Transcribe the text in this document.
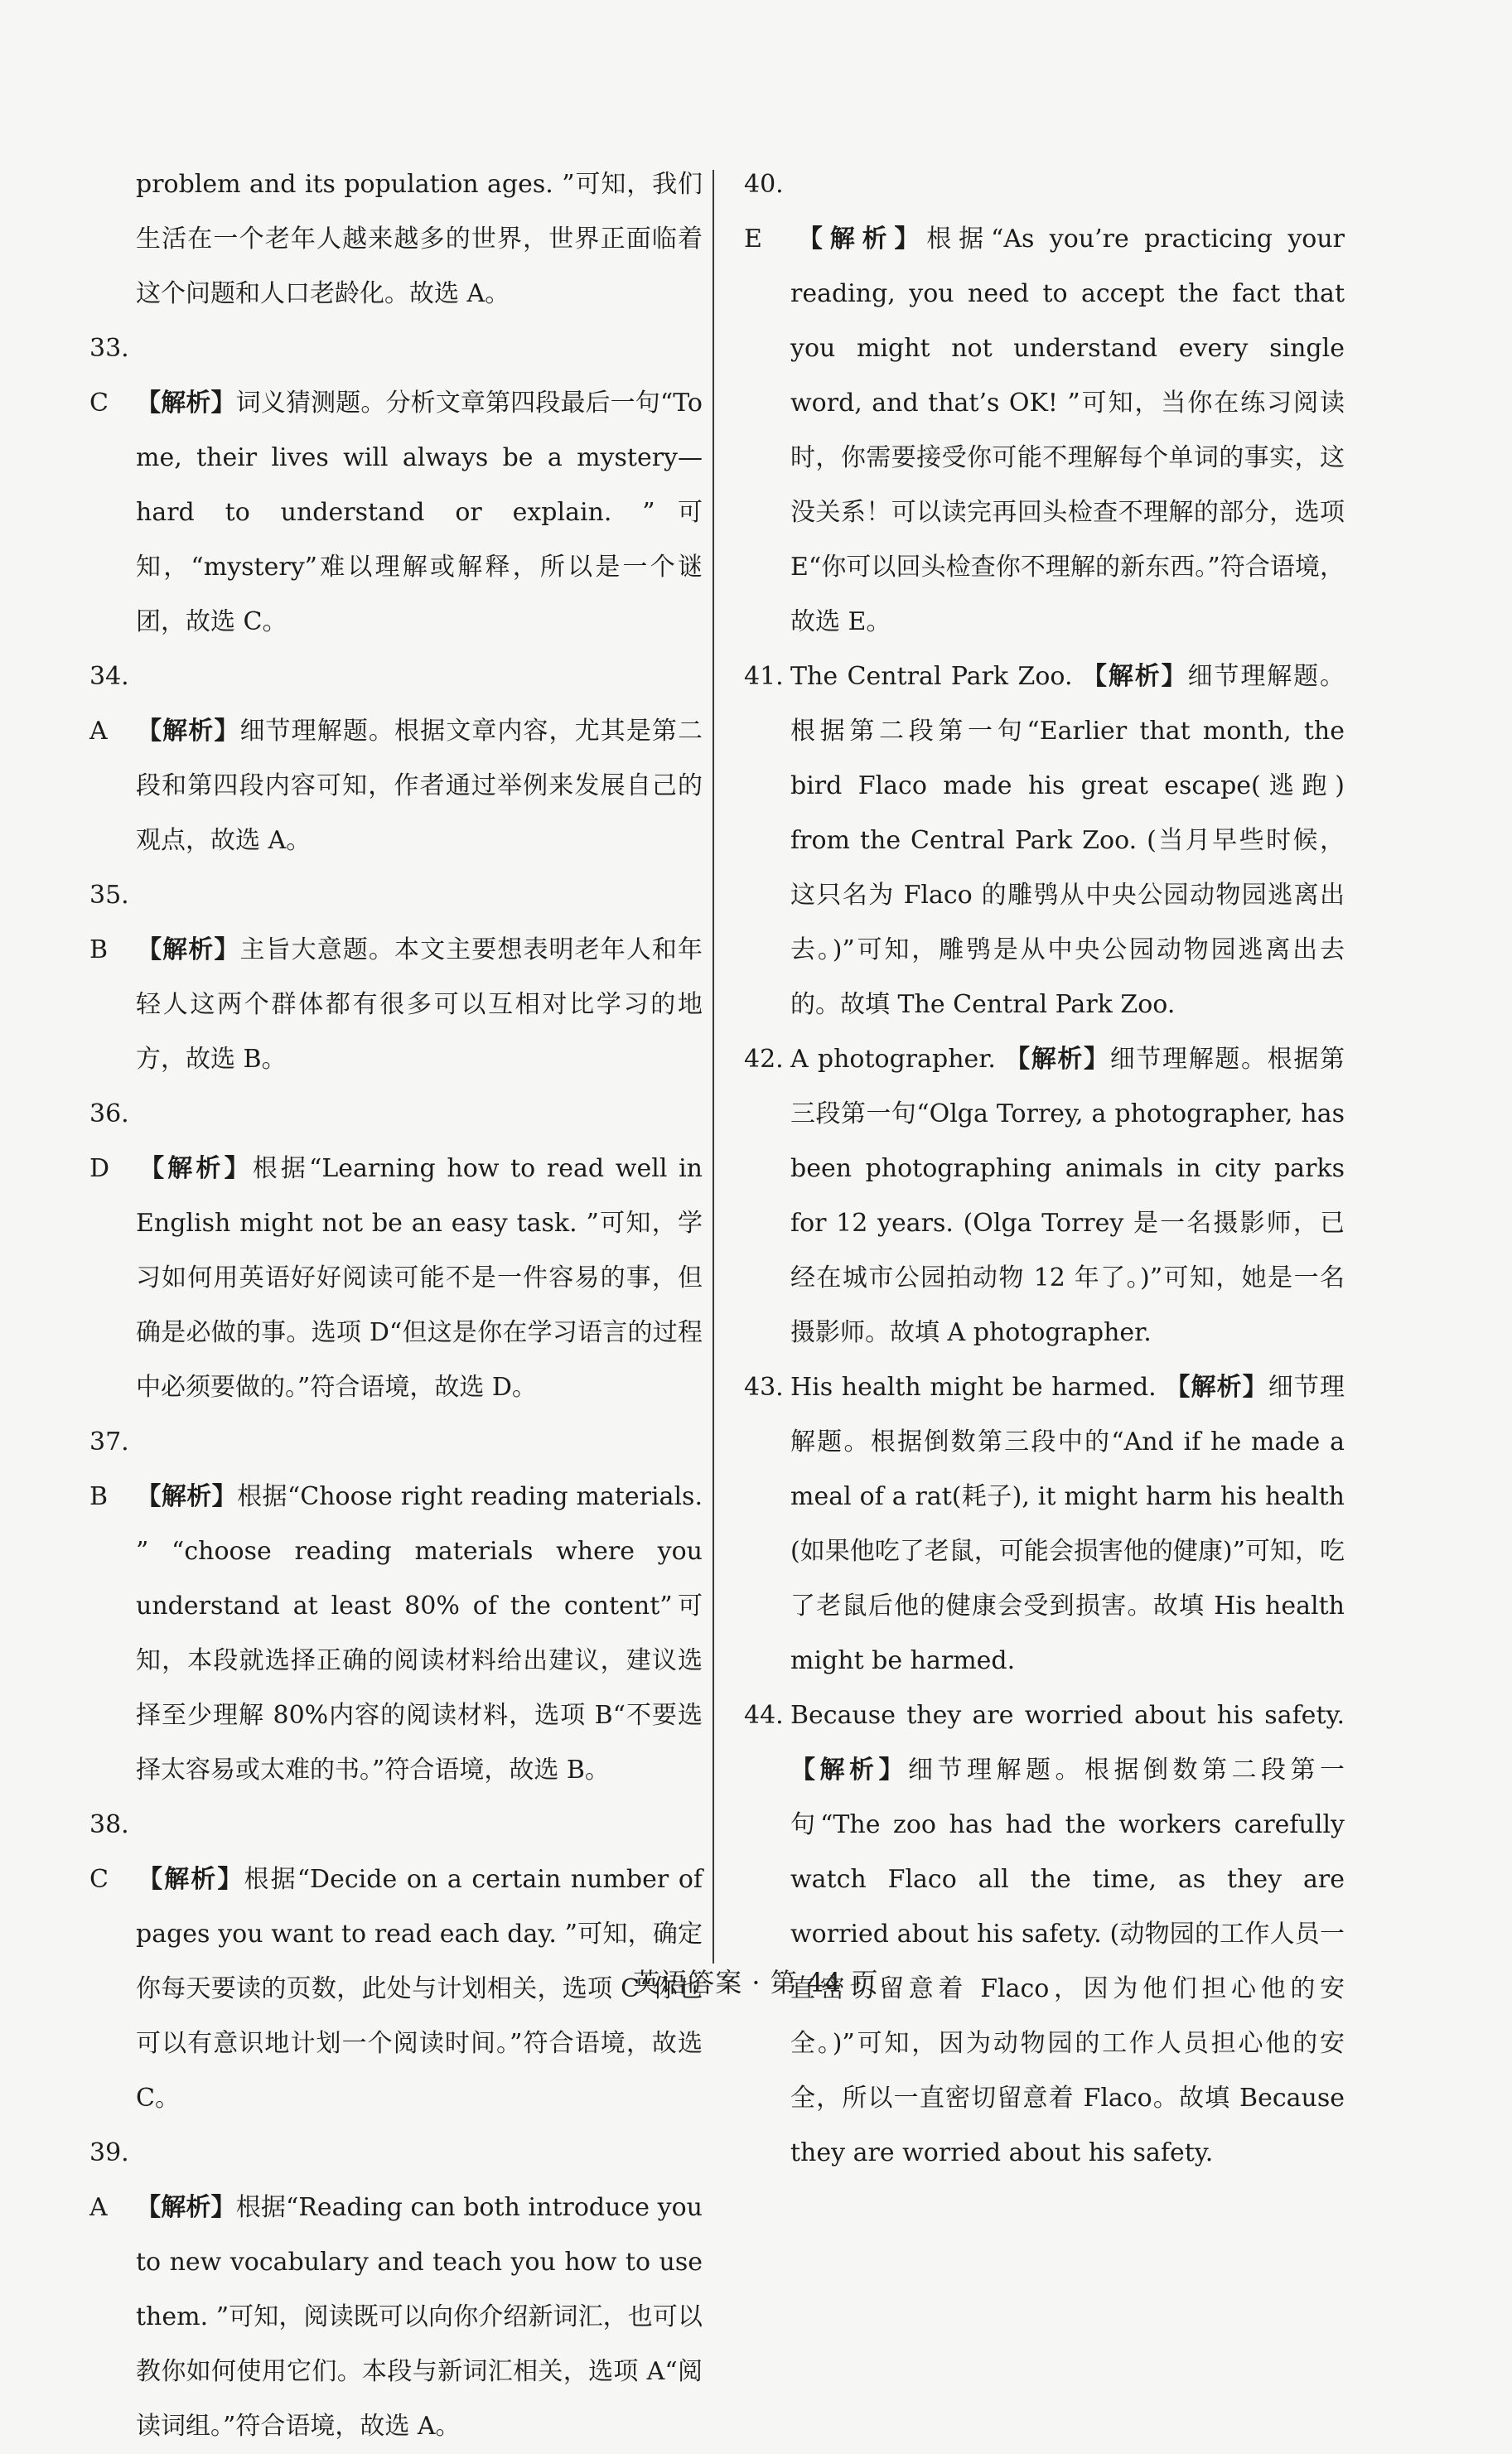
problem and its population ages. ”可知，我们生活在一个老年人越来越多的世界，世界正面临着这个问题和人口老龄化。故选 A。

33. C 【解析】词义猜测题。分析文章第四段最后一句“To me, their lives will always be a mystery—hard to understand or explain. ”可知，“mystery”难以理解或解释，所以是一个谜团，故选 C。

34. A 【解析】细节理解题。根据文章内容，尤其是第二段和第四段内容可知，作者通过举例来发展自己的观点，故选 A。

35. B 【解析】主旨大意题。本文主要想表明老年人和年轻人这两个群体都有很多可以互相对比学习的地方，故选 B。

36. D 【解析】根据“Learning how to read well in English might not be an easy task. ”可知，学习如何用英语好好阅读可能不是一件容易的事，但确是必做的事。选项 D“但这是你在学习语言的过程中必须要做的。”符合语境，故选 D。

37. B 【解析】根据“Choose right reading materials. ” “choose reading materials where you understand at least 80% of the content”可知，本段就选择正确的阅读材料给出建议，建议选择至少理解 80%内容的阅读材料，选项 B“不要选择太容易或太难的书。”符合语境，故选 B。

38. C 【解析】根据“Decide on a certain number of pages you want to read each day. ”可知，确定你每天要读的页数，此处与计划相关，选项 C“你也可以有意识地计划一个阅读时间。”符合语境，故选 C。

39. A 【解析】根据“Reading can both introduce you to new vocabulary and teach you how to use them. ”可知，阅读既可以向你介绍新词汇，也可以教你如何使用它们。本段与新词汇相关，选项 A“阅读词组。”符合语境，故选 A。

40. E 【解析】根据“As you’re practicing your reading, you need to accept the fact that you might not understand every single word, and that’s OK! ”可知，当你在练习阅读时，你需要接受你可能不理解每个单词的事实，这没关系！可以读完再回头检查不理解的部分，选项 E“你可以回头检查你不理解的新东西。”符合语境，故选 E。

41. The Central Park Zoo. 【解析】细节理解题。根据第二段第一句“Earlier that month, the bird Flaco made his great escape(逃跑) from the Central Park Zoo. (当月早些时候，这只名为 Flaco 的雕鸮从中央公园动物园逃离出去。)”可知，雕鸮是从中央公园动物园逃离出去的。故填 The Central Park Zoo.

42. A photographer. 【解析】细节理解题。根据第三段第一句“Olga Torrey, a photographer, has been photographing animals in city parks for 12 years. (Olga Torrey 是一名摄影师，已经在城市公园拍动物 12 年了。)”可知，她是一名摄影师。故填 A photographer.

43. His health might be harmed. 【解析】细节理解题。根据倒数第三段中的“And if he made a meal of a rat(耗子), it might harm his health (如果他吃了老鼠，可能会损害他的健康)”可知，吃了老鼠后他的健康会受到损害。故填 His health might be harmed.

44. Because they are worried about his safety.【解析】细节理解题。根据倒数第二段第一句“The zoo has had the workers carefully watch Flaco all the time, as they are worried about his safety. (动物园的工作人员一直密切留意着 Flaco，因为他们担心他的安全。)”可知，因为动物园的工作人员担心他的安全，所以一直密切留意着 Flaco。故填 Because they are worried about his safety.

英语答案 · 第 44 页
